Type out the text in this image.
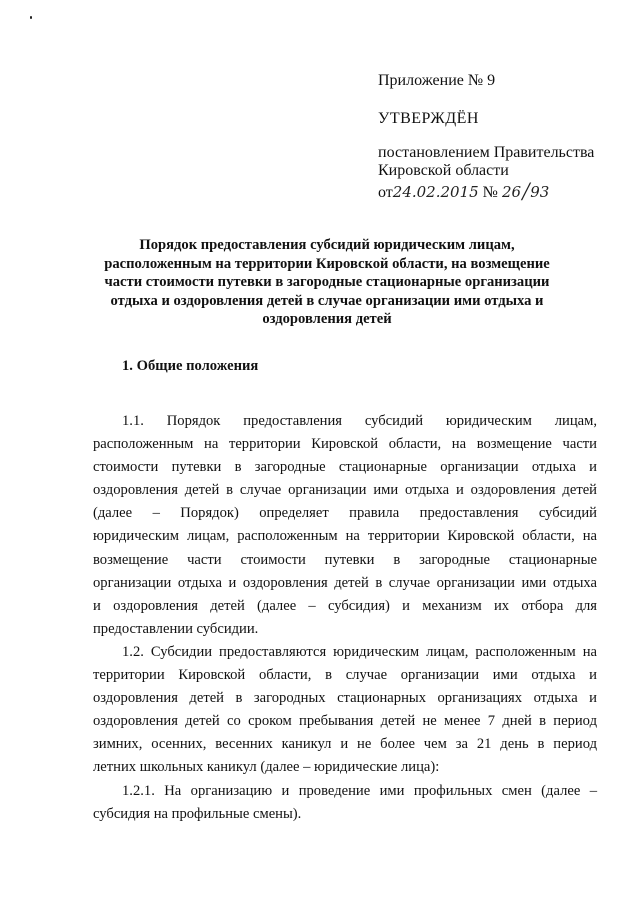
Приложение № 9

УТВЕРЖДЁН

постановлением Правительства
Кировской области
от24.02.2015 № 26/93

Порядок предоставления субсидий юридическим лицам,
расположенным на территории Кировской области, на возмещение
части стоимости путевки в загородные стационарные организации
отдыха и оздоровления детей в случае организации ими отдыха и
оздоровления детей
1. Общие положения
1.1. Порядок предоставления субсидий юридическим лицам,
расположенным на территории Кировской области, на возмещение части
стоимости путевки в загородные стационарные организации отдыха и
оздоровления детей в случае организации ими отдыха и оздоровления детей
(далее – Порядок) определяет правила предоставления субсидий
юридическим лицам, расположенным на территории Кировской области, на
возмещение части стоимости путевки в загородные стационарные
организации отдыха и оздоровления детей в случае организации ими отдыха
и оздоровления детей (далее – субсидия) и механизм их отбора для
предоставлении субсидии.
1.2. Субсидии предоставляются юридическим лицам, расположенным на
территории Кировской области, в случае организации ими отдыха и
оздоровления детей в загородных стационарных организациях отдыха и
оздоровления детей со сроком пребывания детей не менее 7 дней в период
зимних, осенних, весенних каникул и не более чем за 21 день в период
летних школьных каникул (далее – юридические лица):
1.2.1. На организацию и проведение ими профильных смен (далее –
субсидия на профильные смены).
